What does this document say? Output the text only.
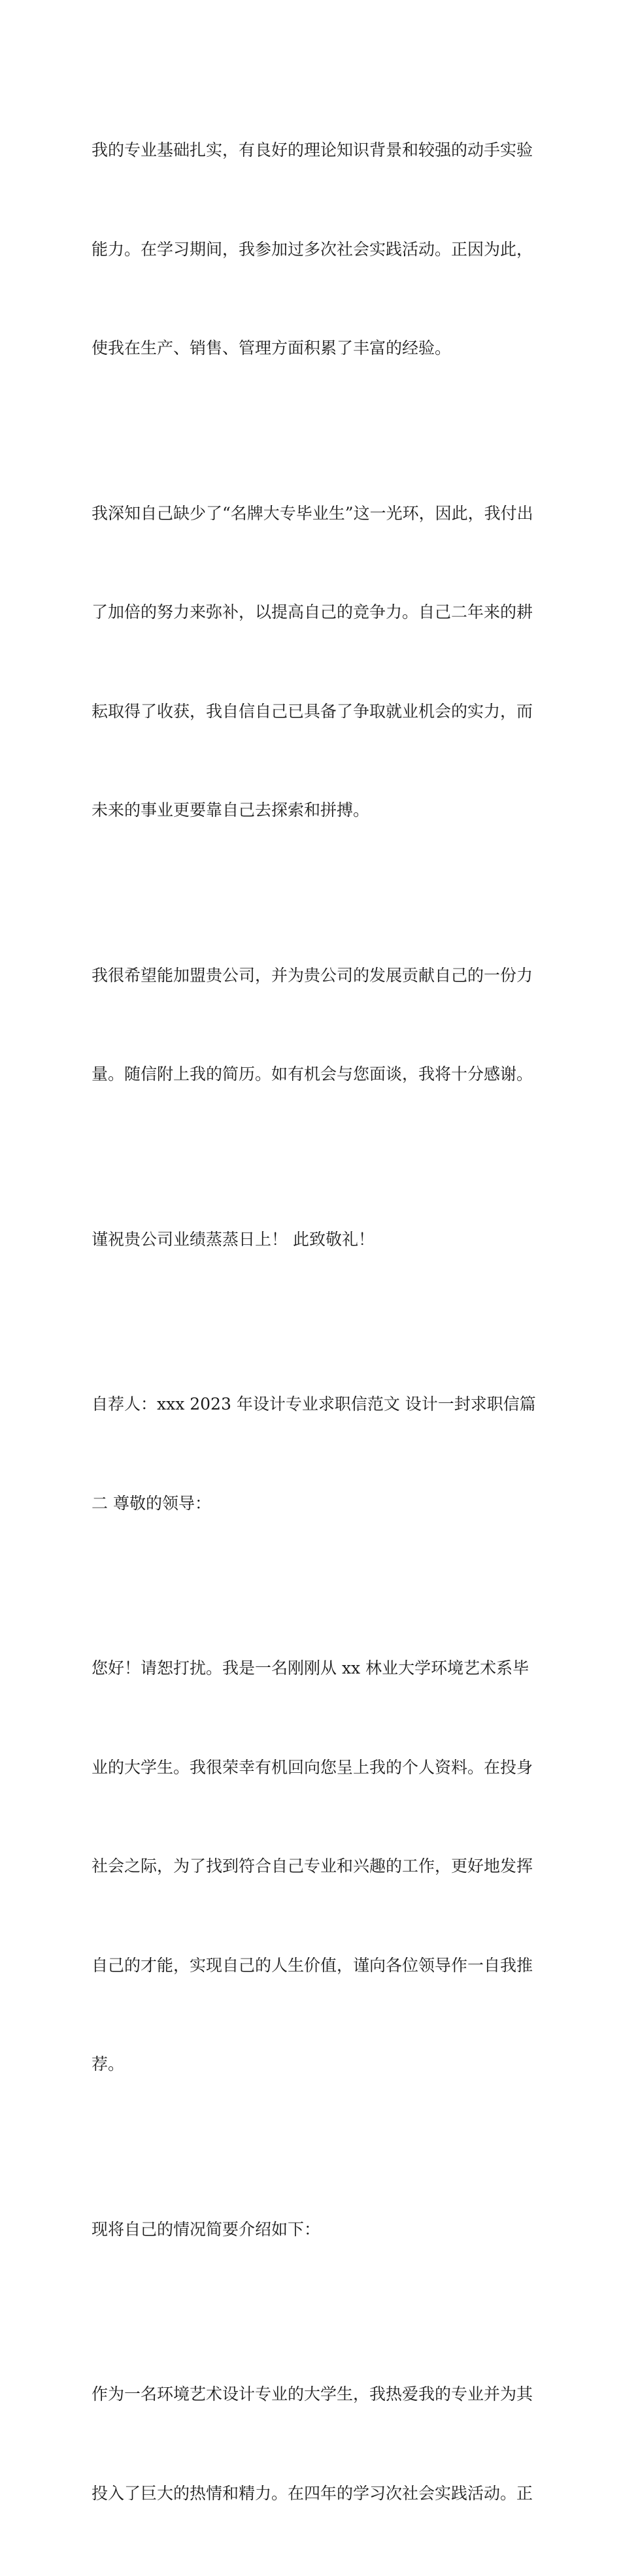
我的专业基础扎实，有良好的理论知识背景和较强的动手实验

能力。在学习期间，我参加过多次社会实践活动。正因为此，

使我在生产、销售、管理方面积累了丰富的经验。

我深知自己缺少了“名牌大专毕业生”这一光环，因此，我付出

了加倍的努力来弥补，以提高自己的竞争力。自己二年来的耕

耘取得了收获，我自信自己已具备了争取就业机会的实力，而

未来的事业更要靠自己去探索和拼搏。

我很希望能加盟贵公司，并为贵公司的发展贡献自己的一份力

量。随信附上我的简历。如有机会与您面谈，我将十分感谢。

谨祝贵公司业绩蒸蒸日上！ 此致敬礼！

自荐人：xxx 2023 年设计专业求职信范文 设计一封求职信篇

二 尊敬的领导：

您好！请恕打扰。我是一名刚刚从 xx 林业大学环境艺术系毕

业的大学生。我很荣幸有机回向您呈上我的个人资料。在投身

社会之际，为了找到符合自己专业和兴趣的工作，更好地发挥

自己的才能，实现自己的人生价值，谨向各位领导作一自我推

荐。

现将自己的情况简要介绍如下：

作为一名环境艺术设计专业的大学生，我热爱我的专业并为其

投入了巨大的热情和精力。在四年的学习次社会实践活动。正
